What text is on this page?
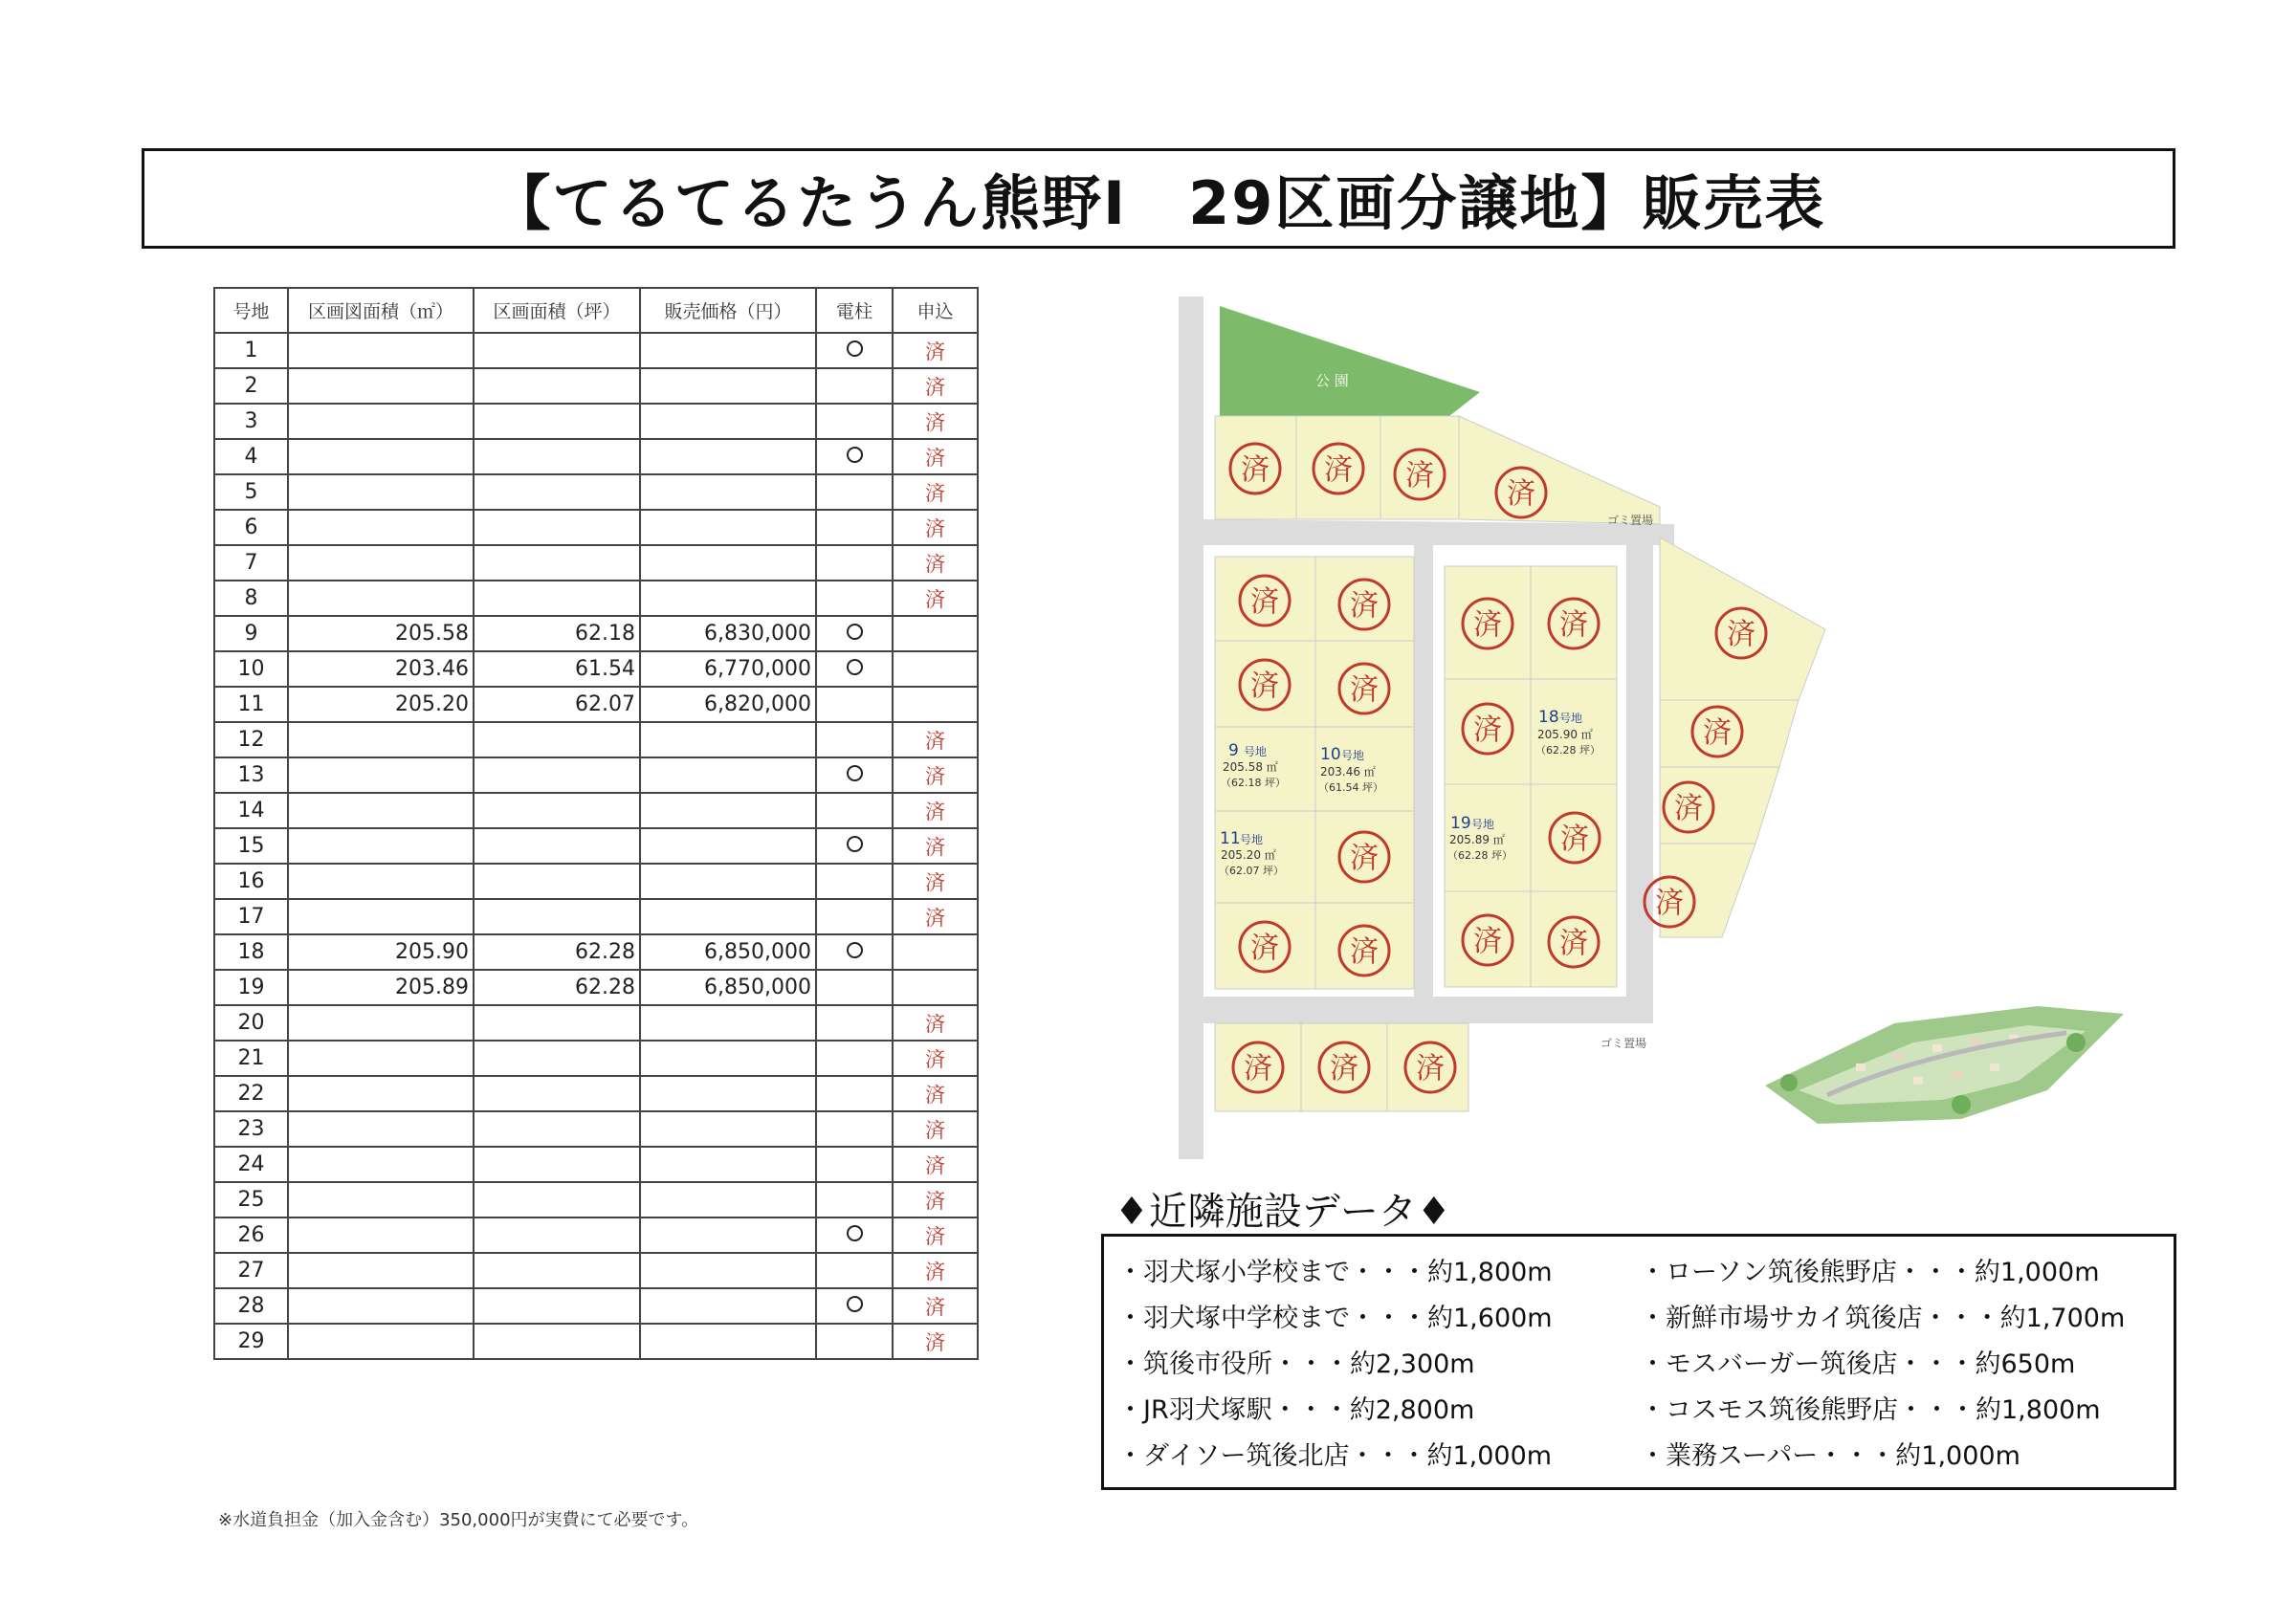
【てるてるたうん熊野Ⅰ　29区画分譲地】販売表
号地	区画図面積（㎡）	区画面積（坪）	販売価格（円）	電柱	申込
1					済
2					済
3					済
4					済
5					済
6					済
7					済
8					済
9	205.58	62.18	6,830,000		
10	203.46	61.54	6,770,000		
11	205.20	62.07	6,820,000		
12					済
13					済
14					済
15					済
16					済
17					済
18	205.90	62.28	6,850,000		
19	205.89	62.28	6,850,000		
20					済
21					済
22					済
23					済
24					済
25					済
26					済
27					済
28					済
29					済
※水道負担金（加入金含む）350,000円が実費にて必要です。
公 園
ゴミ置場
ゴミ置場
済 済 済
済
済 済
済 済
済
済 済
済 済
済
済
済 済
済
済
済
済
済 済 済
9 号地
205.58 ㎡
（62.18 坪）
10 号地
203.46 ㎡
（61.54 坪）
11 号地
205.20 ㎡
（62.07 坪）
18 号地
205.90 ㎡
（62.28 坪）
19 号地
205.89 ㎡
（62.28 坪）
♦近隣施設データ♦
・羽犬塚小学校まで・・・約1,800m
・羽犬塚中学校まで・・・約1,600m
・筑後市役所・・・約2,300m
・JR羽犬塚駅・・・約2,800m
・ダイソー筑後北店・・・約1,000m
・ローソン筑後熊野店・・・約1,000m
・新鮮市場サカイ筑後店・・・約1,700m
・モスバーガー筑後店・・・約650m
・コスモス筑後熊野店・・・約1,800m
・業務スーパー・・・約1,000m
